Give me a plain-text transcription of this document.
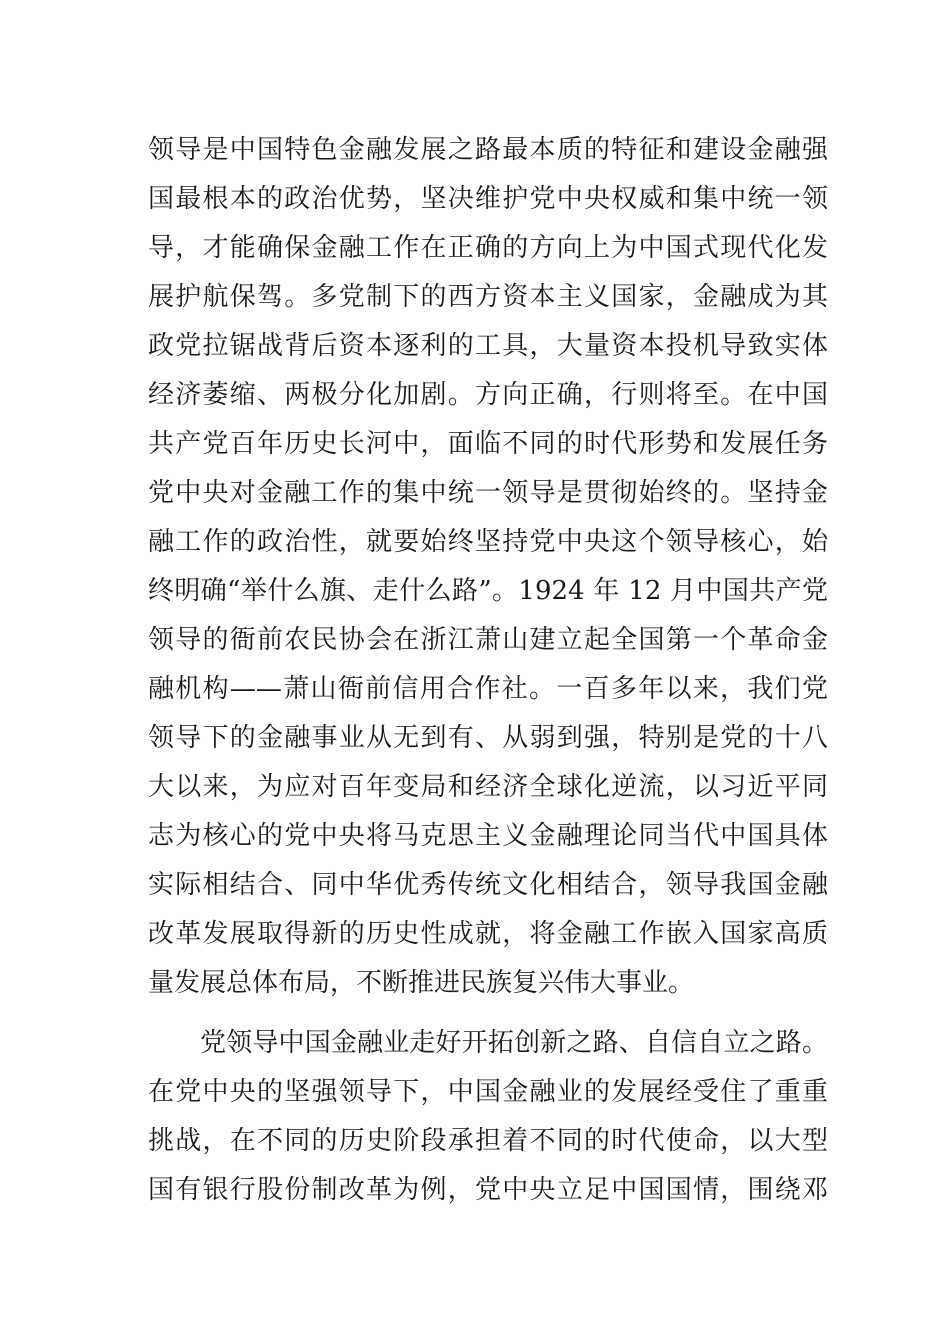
领导是中国特色金融发展之路最本质的特征和建设金融强
国最根本的政治优势，坚决维护党中央权威和集中统一领
导，才能确保金融工作在正确的方向上为中国式现代化发
展护航保驾。多党制下的西方资本主义国家，金融成为其
政党拉锯战背后资本逐利的工具，大量资本投机导致实体
经济萎缩、两极分化加剧。方向正确，行则将至。在中国
共产党百年历史长河中，面临不同的时代形势和发展任务
党中央对金融工作的集中统一领导是贯彻始终的。坚持金
融工作的政治性，就要始终坚持党中央这个领导核心，始
终明确“举什么旗、走什么路”。1924 年 12 月中国共产党
领导的衙前农民协会在浙江萧山建立起全国第一个革命金
融机构——萧山衙前信用合作社。一百多年以来，我们党
领导下的金融事业从无到有、从弱到强，特别是党的十八
大以来，为应对百年变局和经济全球化逆流，以习近平同
志为核心的党中央将马克思主义金融理论同当代中国具体
实际相结合、同中华优秀传统文化相结合，领导我国金融
改革发展取得新的历史性成就，将金融工作嵌入国家高质
量发展总体布局，不断推进民族复兴伟大事业。
党领导中国金融业走好开拓创新之路、自信自立之路。
在党中央的坚强领导下，中国金融业的发展经受住了重重
挑战，在不同的历史阶段承担着不同的时代使命，以大型
国有银行股份制改革为例，党中央立足中国国情，围绕邓
